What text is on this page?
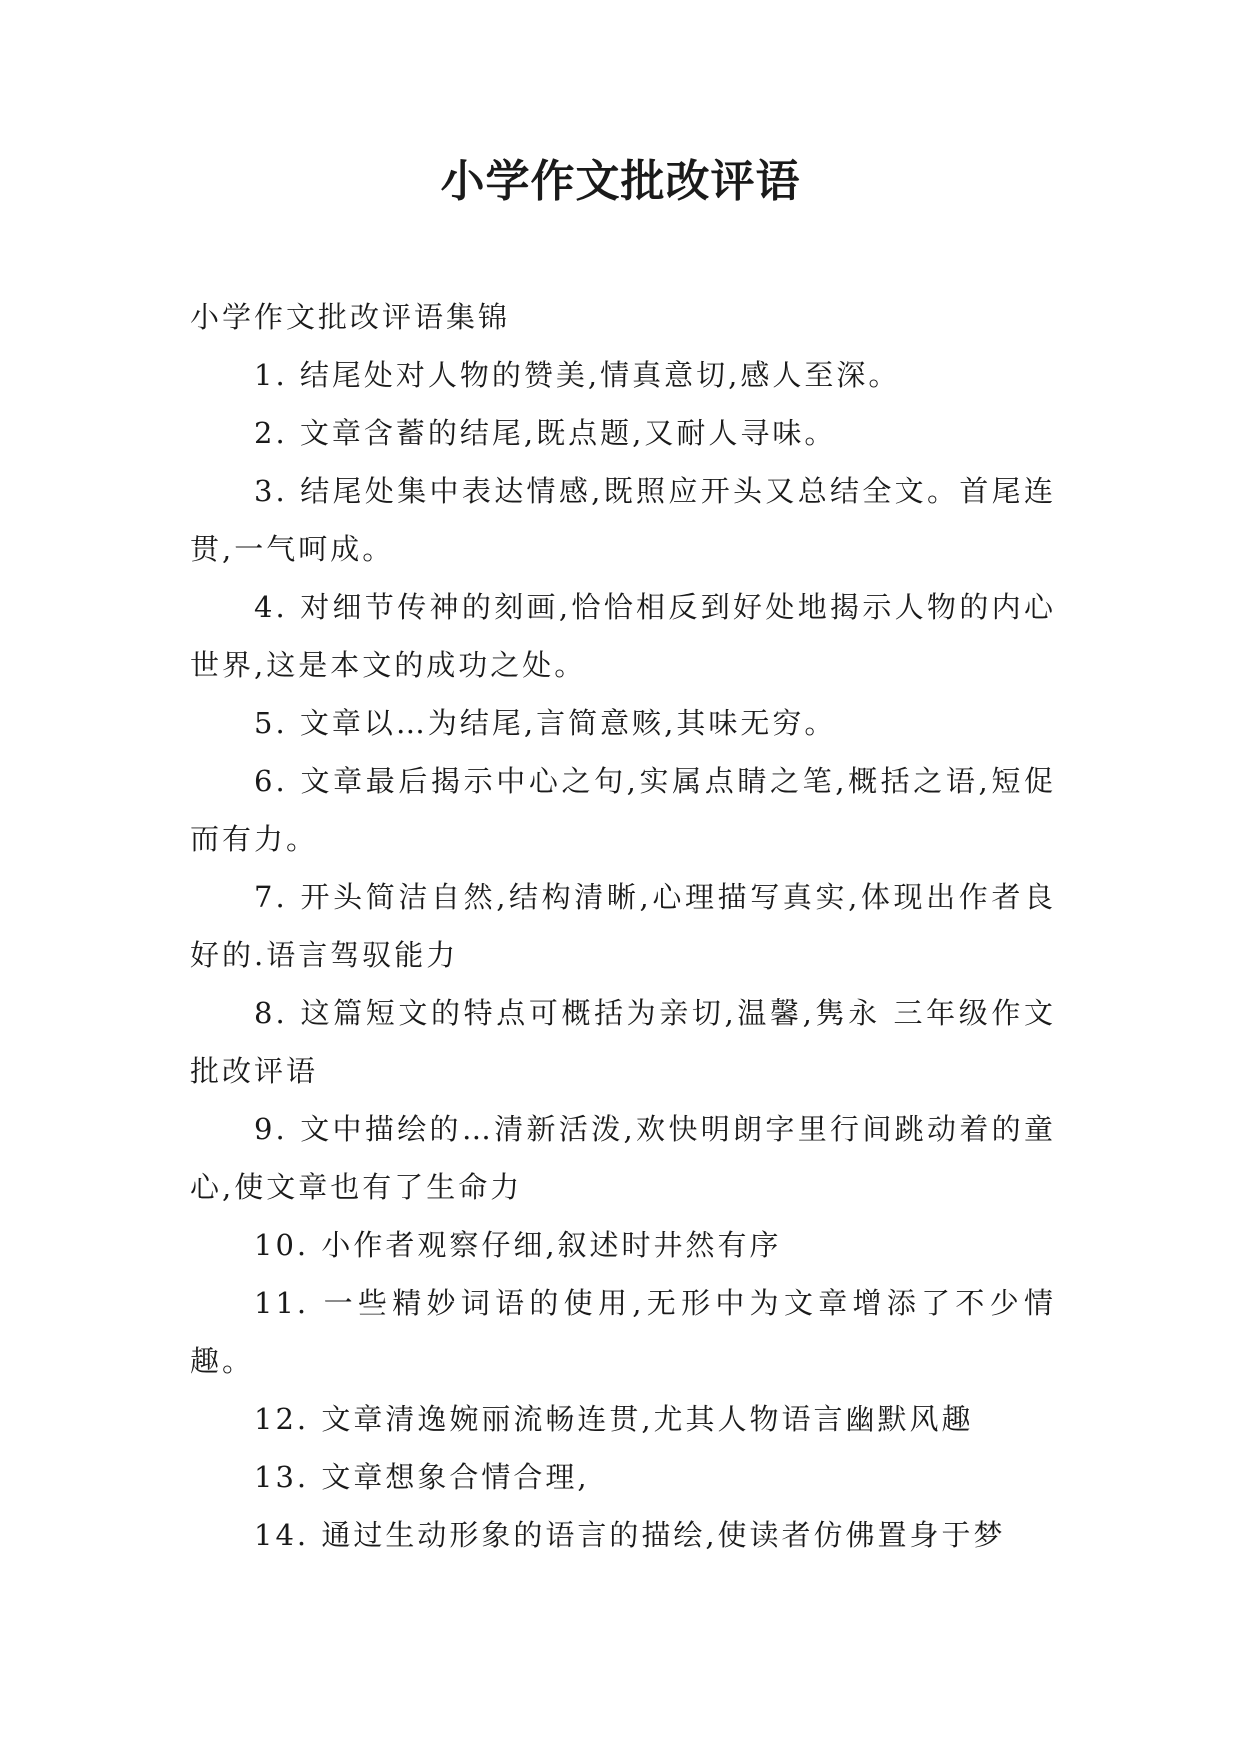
小学作文批改评语

小学作文批改评语集锦

1. 结尾处对人物的赞美,情真意切,感人至深。

2. 文章含蓄的结尾,既点题,又耐人寻味。

3. 结尾处集中表达情感,既照应开头又总结全文。首尾连贯,一气呵成。

4. 对细节传神的刻画,恰恰相反到好处地揭示人物的内心世界,这是本文的成功之处。

5. 文章以…为结尾,言简意赅,其味无穷。

6. 文章最后揭示中心之句,实属点睛之笔,概括之语,短促而有力。

7. 开头简洁自然,结构清晰,心理描写真实,体现出作者良好的.语言驾驭能力

8. 这篇短文的特点可概括为亲切,温馨,隽永 三年级作文批改评语

9. 文中描绘的…清新活泼,欢快明朗字里行间跳动着的童心,使文章也有了生命力

10. 小作者观察仔细,叙述时井然有序

11. 一些精妙词语的使用,无形中为文章增添了不少情趣。

12. 文章清逸婉丽流畅连贯,尤其人物语言幽默风趣

13. 文章想象合情合理,

14. 通过生动形象的语言的描绘,使读者仿佛置身于梦
